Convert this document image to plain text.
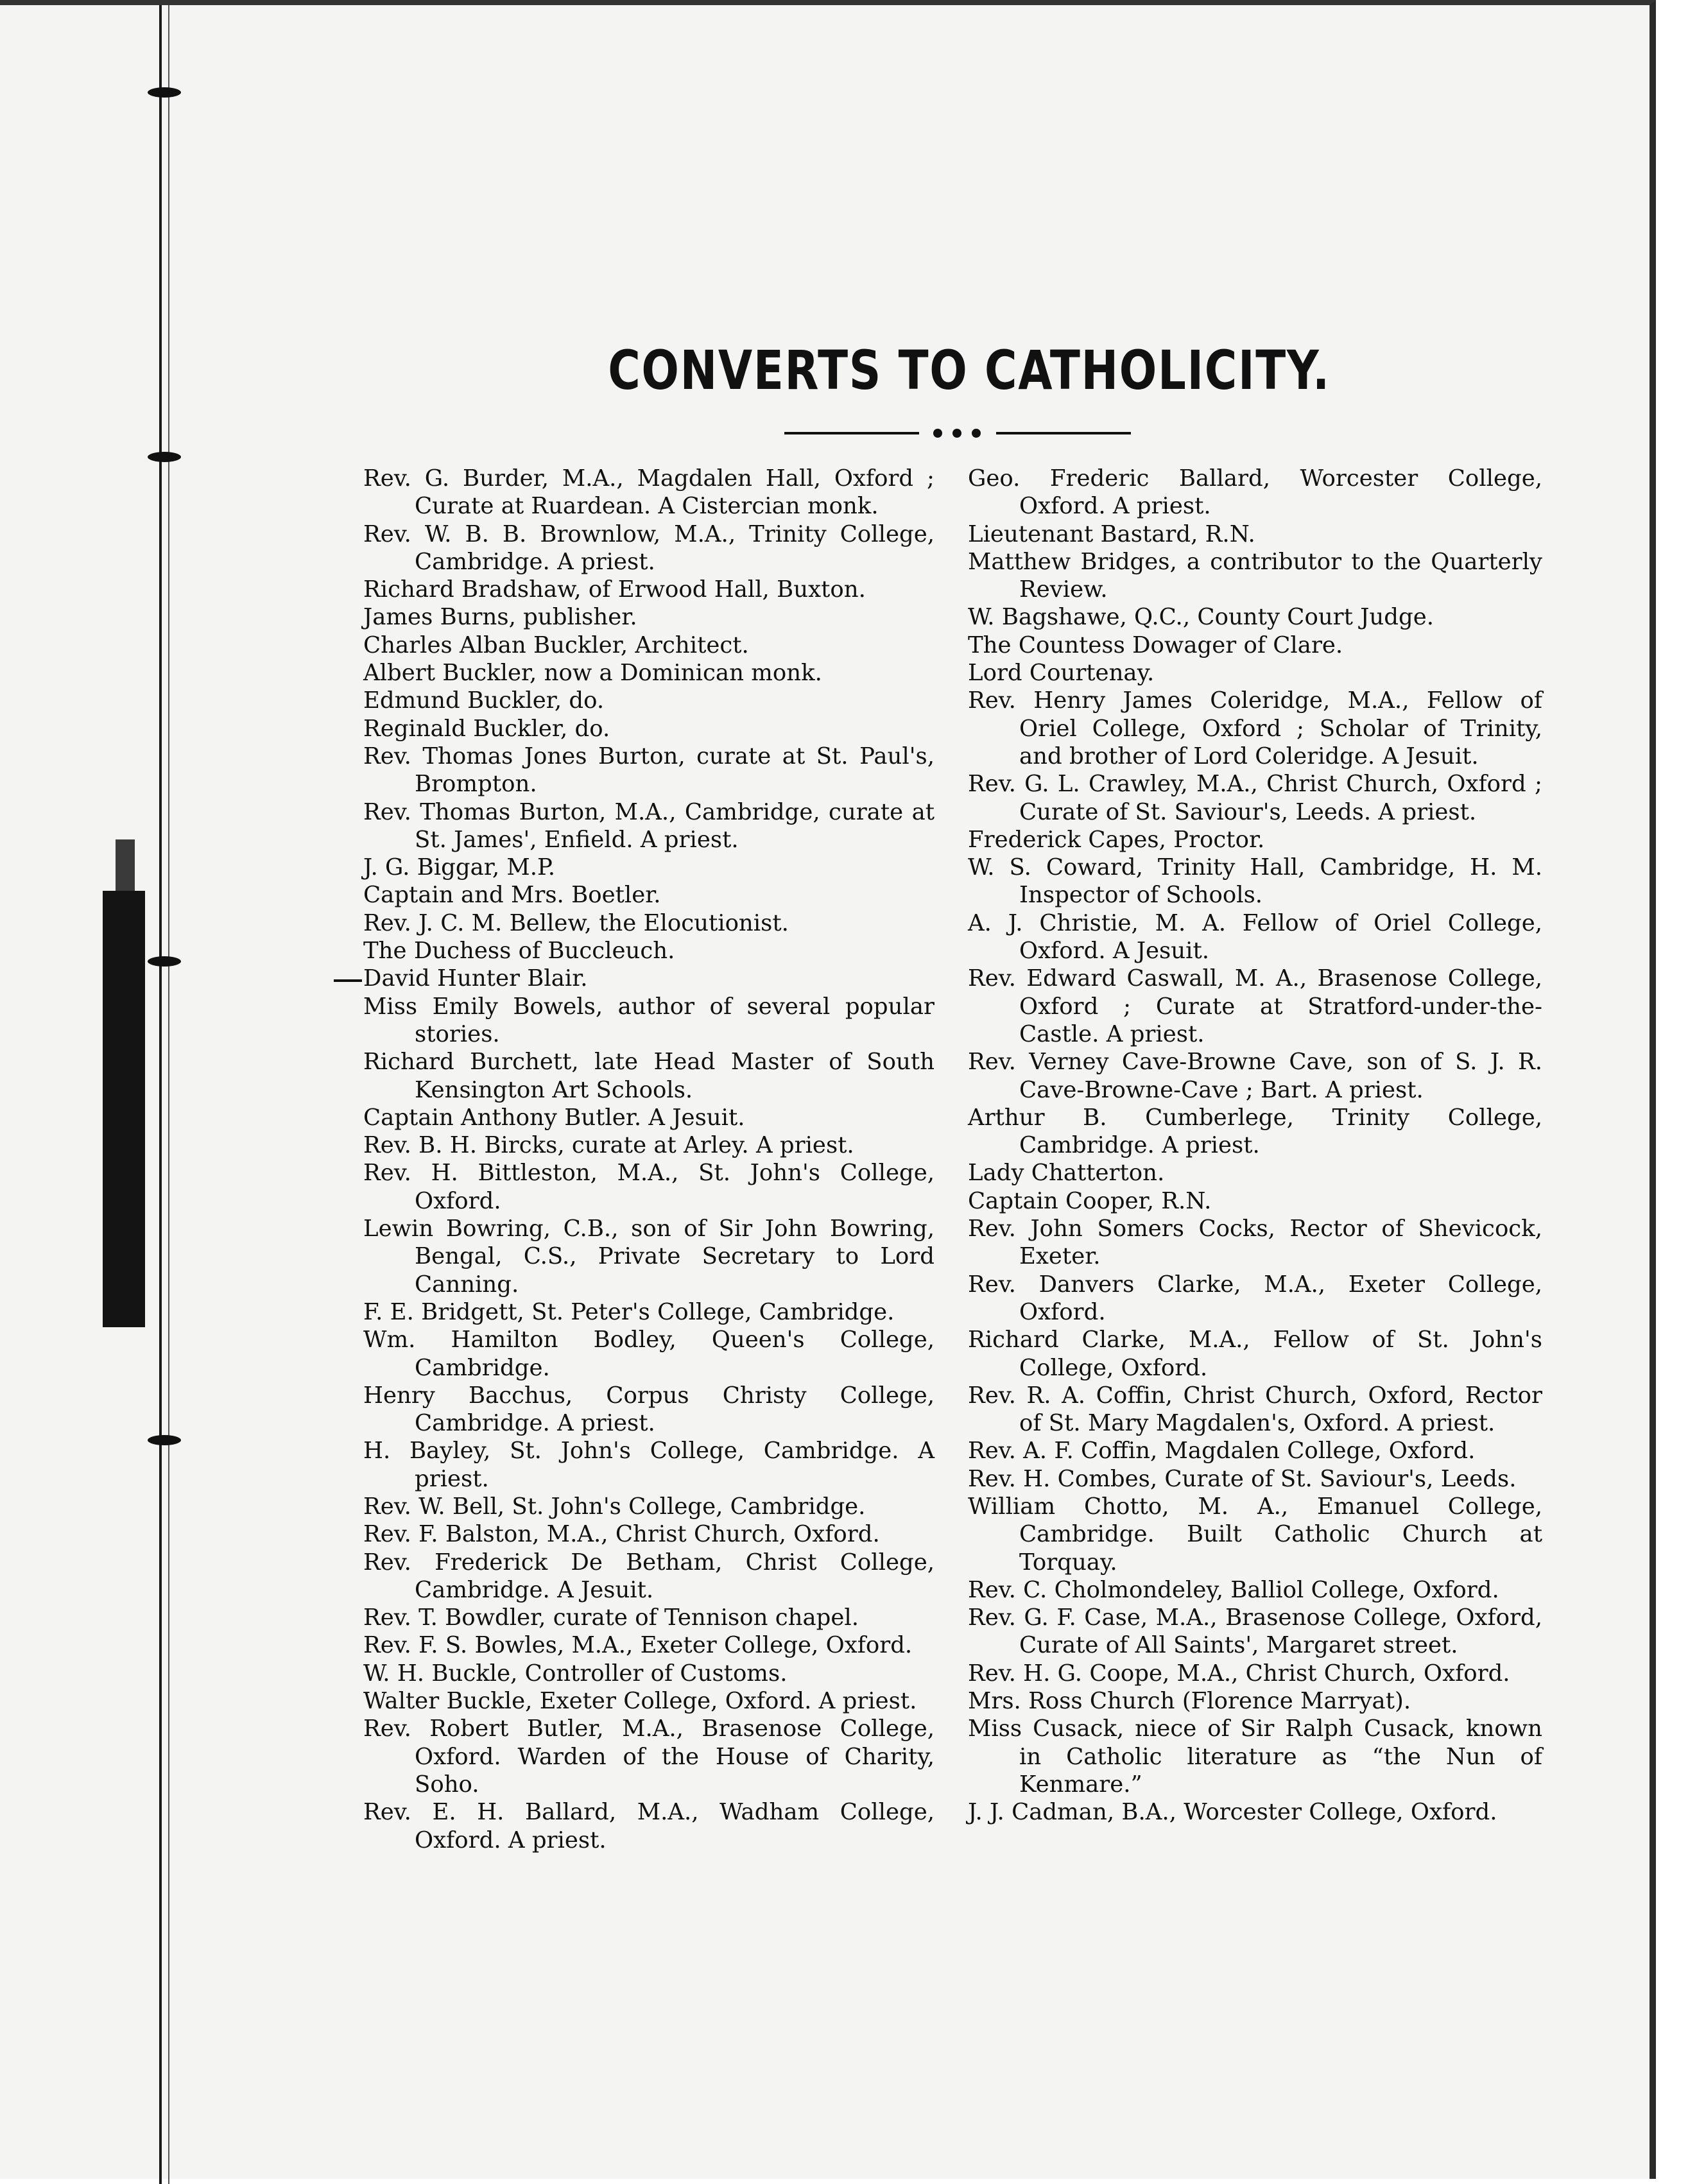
CONVERTS TO CATHOLICITY.

Rev. G. Burder, M.A., Magdalen Hall, Oxford ; Curate at Ruardean. A Cistercian monk.

Rev. W. B. B. Brownlow, M.A., Trinity College, Cambridge. A priest.

Richard Bradshaw, of Erwood Hall, Buxton.

James Burns, publisher.

Charles Alban Buckler, Architect.

Albert Buckler, now a Dominican monk.

Edmund Buckler, do.

Reginald Buckler, do.

Rev. Thomas Jones Burton, curate at St. Paul's, Brompton.

Rev. Thomas Burton, M.A., Cambridge, curate at St. James', Enfield. A priest.

J. G. Biggar, M.P.

Captain and Mrs. Boetler.

Rev. J. C. M. Bellew, the Elocutionist.

The Duchess of Buccleuch.

David Hunter Blair.

Miss Emily Bowels, author of several popular stories.

Richard Burchett, late Head Master of South Kensington Art Schools.

Captain Anthony Butler. A Jesuit.

Rev. B. H. Bircks, curate at Arley. A priest.

Rev. H. Bittleston, M.A., St. John's College, Oxford.

Lewin Bowring, C.B., son of Sir John Bowring, Bengal, C.S., Private Secretary to Lord Canning.

F. E. Bridgett, St. Peter's College, Cambridge.

Wm. Hamilton Bodley, Queen's College, Cambridge.

Henry Bacchus, Corpus Christy College, Cambridge. A priest.

H. Bayley, St. John's College, Cambridge. A priest.

Rev. W. Bell, St. John's College, Cambridge.

Rev. F. Balston, M.A., Christ Church, Oxford.

Rev. Frederick De Betham, Christ College, Cambridge. A Jesuit.

Rev. T. Bowdler, curate of Tennison chapel.

Rev. F. S. Bowles, M.A., Exeter College, Oxford.

W. H. Buckle, Controller of Customs.

Walter Buckle, Exeter College, Oxford. A priest.

Rev. Robert Butler, M.A., Brasenose College, Oxford. Warden of the House of Charity, Soho.

Rev. E. H. Ballard, M.A., Wadham College, Oxford. A priest.

Geo. Frederic Ballard, Worcester College, Oxford. A priest.

Lieutenant Bastard, R.N.

Matthew Bridges, a contributor to the Quarterly Review.

W. Bagshawe, Q.C., County Court Judge.

The Countess Dowager of Clare.

Lord Courtenay.

Rev. Henry James Coleridge, M.A., Fellow of Oriel College, Oxford ; Scholar of Trinity, and brother of Lord Coleridge. A Jesuit.

Rev. G. L. Crawley, M.A., Christ Church, Oxford ; Curate of St. Saviour's, Leeds. A priest.

Frederick Capes, Proctor.

W. S. Coward, Trinity Hall, Cambridge, H. M. Inspector of Schools.

A. J. Christie, M. A. Fellow of Oriel College, Oxford. A Jesuit.

Rev. Edward Caswall, M. A., Brasenose College, Oxford ; Curate at Stratford-under-the-Castle. A priest.

Rev. Verney Cave-Browne Cave, son of S. J. R. Cave-Browne-Cave ; Bart. A priest.

Arthur B. Cumberlege, Trinity College, Cambridge. A priest.

Lady Chatterton.

Captain Cooper, R.N.

Rev. John Somers Cocks, Rector of Shevicock, Exeter.

Rev. Danvers Clarke, M.A., Exeter College, Oxford.

Richard Clarke, M.A., Fellow of St. John's College, Oxford.

Rev. R. A. Coffin, Christ Church, Oxford, Rector of St. Mary Magdalen's, Oxford. A priest.

Rev. A. F. Coffin, Magdalen College, Oxford.

Rev. H. Combes, Curate of St. Saviour's, Leeds.

William Chotto, M. A., Emanuel College, Cambridge. Built Catholic Church at Torquay.

Rev. C. Cholmondeley, Balliol College, Oxford.

Rev. G. F. Case, M.A., Brasenose College, Oxford, Curate of All Saints', Margaret street.

Rev. H. G. Coope, M.A., Christ Church, Oxford.

Mrs. Ross Church (Florence Marryat).

Miss Cusack, niece of Sir Ralph Cusack, known in Catholic literature as “the Nun of Kenmare.”

J. J. Cadman, B.A., Worcester College, Oxford.
